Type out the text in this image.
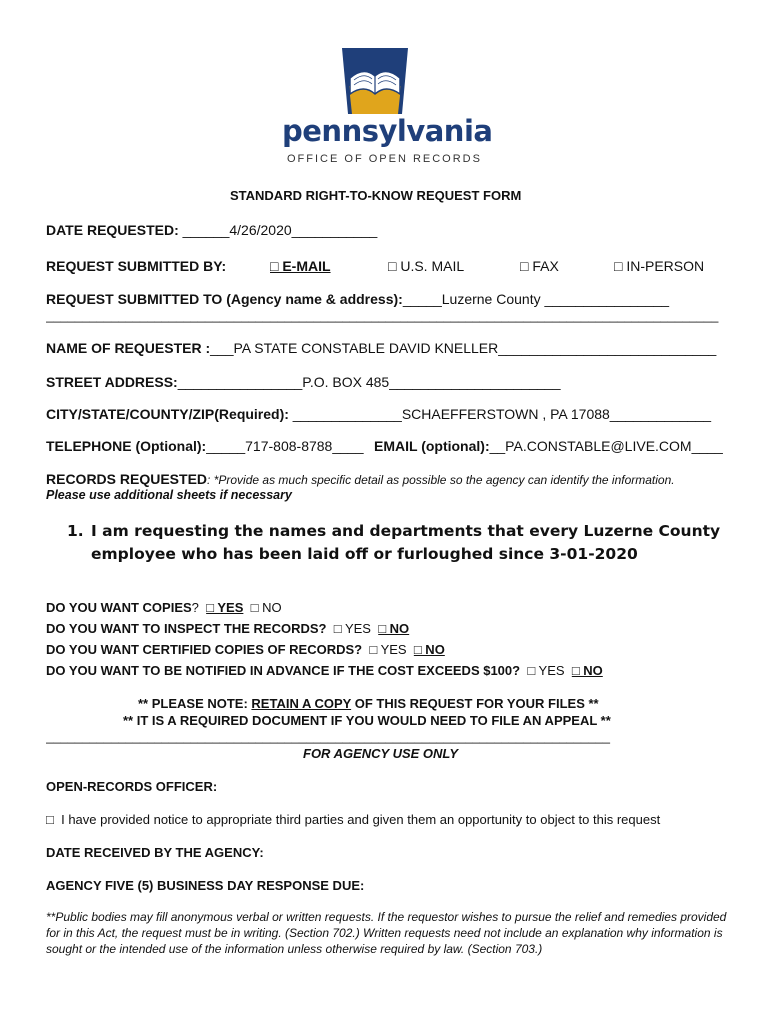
pennsylvania
OFFICE OF OPEN RECORDS
STANDARD RIGHT-TO-KNOW REQUEST FORM
DATE REQUESTED: ______4/26/2020___________
REQUEST SUBMITTED BY:	□ E-MAIL	□ U.S. MAIL	□ FAX	□ IN-PERSON
REQUEST SUBMITTED TO (Agency name & address):_____Luzerne County ________________
_____________________________________________________________________________________________
NAME OF REQUESTER :___PA STATE CONSTABLE DAVID KNELLER____________________________
STREET ADDRESS:________________P.O. BOX 485______________________
CITY/STATE/COUNTY/ZIP(Required): ______________SCHAEFFERSTOWN , PA 17088_____________
TELEPHONE (Optional):_____717-808-8788____ EMAIL (optional):__PA.CONSTABLE@LIVE.COM____
RECORDS REQUESTED: *Provide as much specific detail as possible so the agency can identify the information.
Please use additional sheets if necessary
1. I am requesting the names and departments that every Luzerne County employee who has been laid off or furloughed since 3-01-2020
DO YOU WANT COPIES? □ YES □ NO
DO YOU WANT TO INSPECT THE RECORDS? □ YES □ NO
DO YOU WANT CERTIFIED COPIES OF RECORDS? □ YES □ NO
DO YOU WANT TO BE NOTIFIED IN ADVANCE IF THE COST EXCEEDS $100? □ YES □ NO
** PLEASE NOTE: RETAIN A COPY OF THIS REQUEST FOR YOUR FILES **
** IT IS A REQUIRED DOCUMENT IF YOU WOULD NEED TO FILE AN APPEAL **
______________________________________________________________________________
FOR AGENCY USE ONLY
OPEN-RECORDS OFFICER:
□ I have provided notice to appropriate third parties and given them an opportunity to object to this request
DATE RECEIVED BY THE AGENCY:
AGENCY FIVE (5) BUSINESS DAY RESPONSE DUE:
**Public bodies may fill anonymous verbal or written requests. If the requestor wishes to pursue the relief and remedies provided for in this Act, the request must be in writing. (Section 702.) Written requests need not include an explanation why information is sought or the intended use of the information unless otherwise required by law. (Section 703.)
